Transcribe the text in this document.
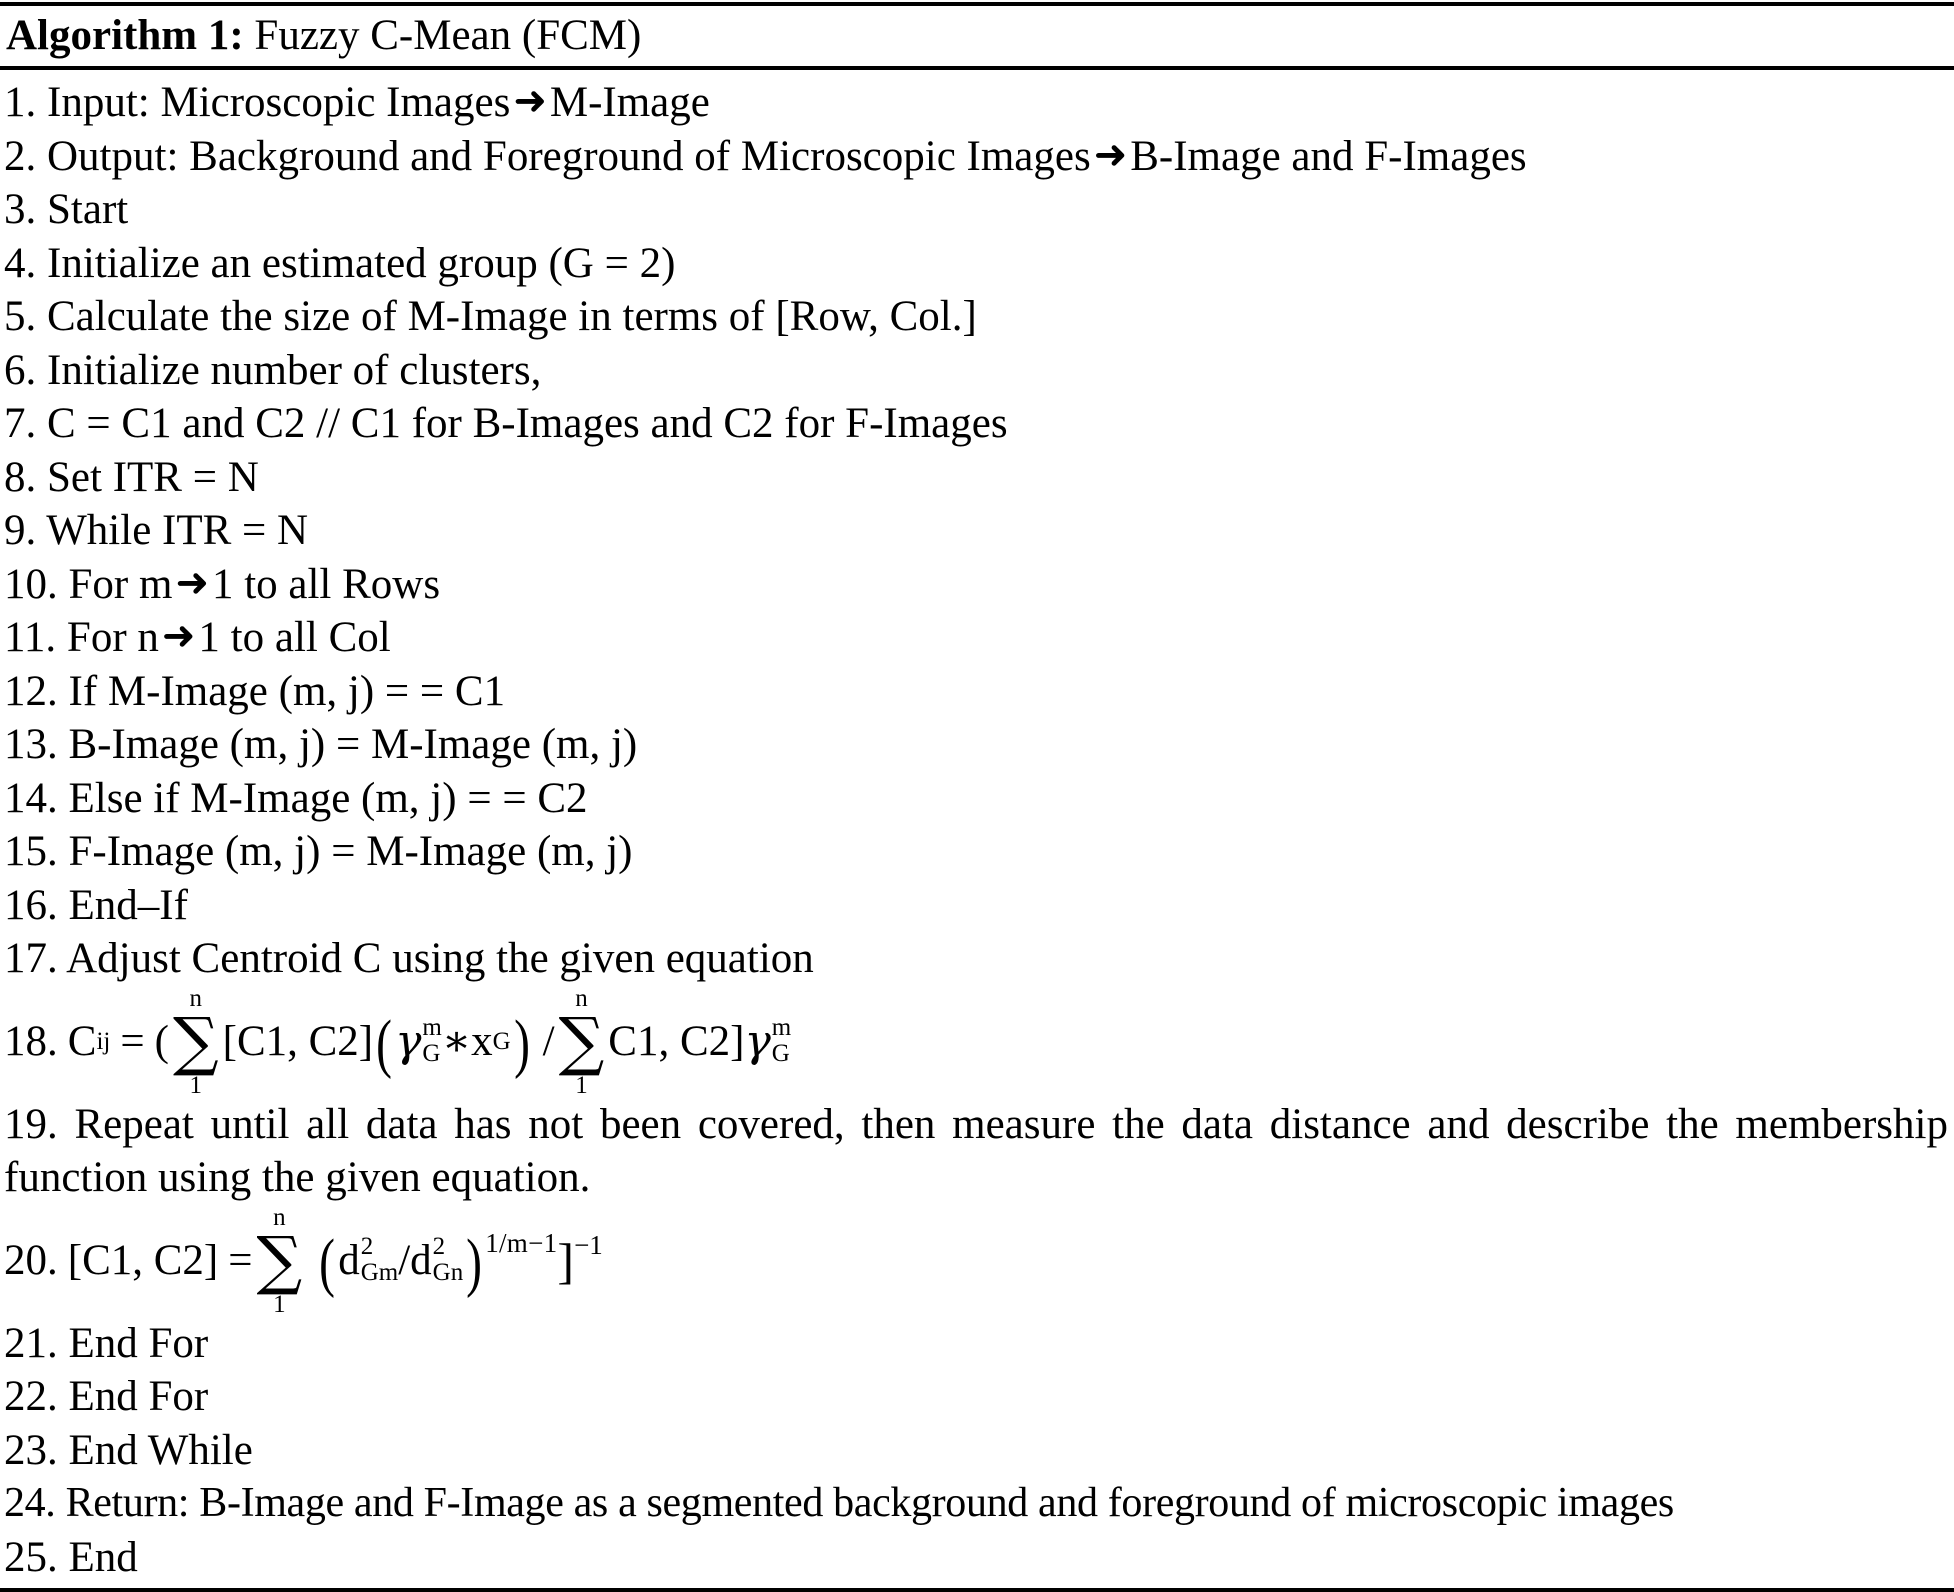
Algorithm 1: Fuzzy C-Mean (FCM)
1. Input: Microscopic Images➜M-Image
2. Output: Background and Foreground of Microscopic Images➜B-Image and F-Images
3. Start
4. Initialize an estimated group (G = 2)
5. Calculate the size of M-Image in terms of [Row, Col.]
6. Initialize number of clusters,
7. C = C1 and C2 // C1 for B-Images and C2 for F-Images
8. Set ITR = N
9. While ITR = N
10. For m➜1 to all Rows
11. For n➜1 to all Col
12. If M-Image (m, j) = = C1
13. B-Image (m, j) = M-Image (m, j)
14. Else if M-Image (m, j) = = C2
15. F-Image (m, j) = M-Image (m, j)
16. End–If
17. Adjust Centroid C using the given equation
18. C ij = (
n
∑
1
[C1, C2] ( γ m
G ∗ x G ) /
n
∑
1
C1, C2] γ m
G
19. Repeat until all data has not been covered, then measure the data distance and describe the membership function using the given equation.
20. [C1, C2] =
n
∑
1
( d 2
Gm / d 2
Gn ) 1/m−1 ] −1
21. End For
22. End For
23. End While
24. Return: B-Image and F-Image as a segmented background and foreground of microscopic images
25. End
